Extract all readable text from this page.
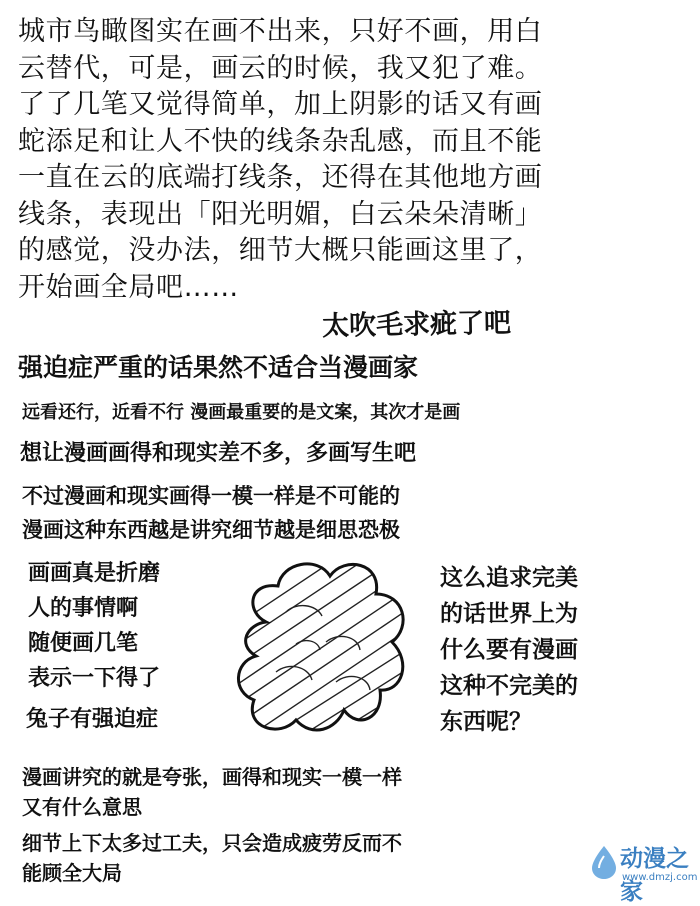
城市鸟瞰图实在画不出来，只好不画，用白
云替代，可是，画云的时候，我又犯了难。
了了几笔又觉得简单，加上阴影的话又有画
蛇添足和让人不快的线条杂乱感，而且不能
一直在云的底端打线条，还得在其他地方画
线条，表现出「阳光明媚，白云朵朵清晰」
的感觉，没办法，细节大概只能画这里了，
开始画全局吧……
太吹毛求疵了吧
强迫症严重的话果然不适合当漫画家
远看还行，近看不行 漫画最重要的是文案，其次才是画
想让漫画画得和现实差不多，多画写生吧
不过漫画和现实画得一模一样是不可能的
漫画这种东西越是讲究细节越是细思恐极
画画真是折磨
人的事情啊
随便画几笔
表示一下得了
兔子有强迫症
这么追求完美
的话世界上为
什么要有漫画
这种不完美的
东西呢？
漫画讲究的就是夸张，画得和现实一模一样
又有什么意思
细节上下太多过工夫，只会造成疲劳反而不
能顾全大局
动漫之家
www.dmzj.com
